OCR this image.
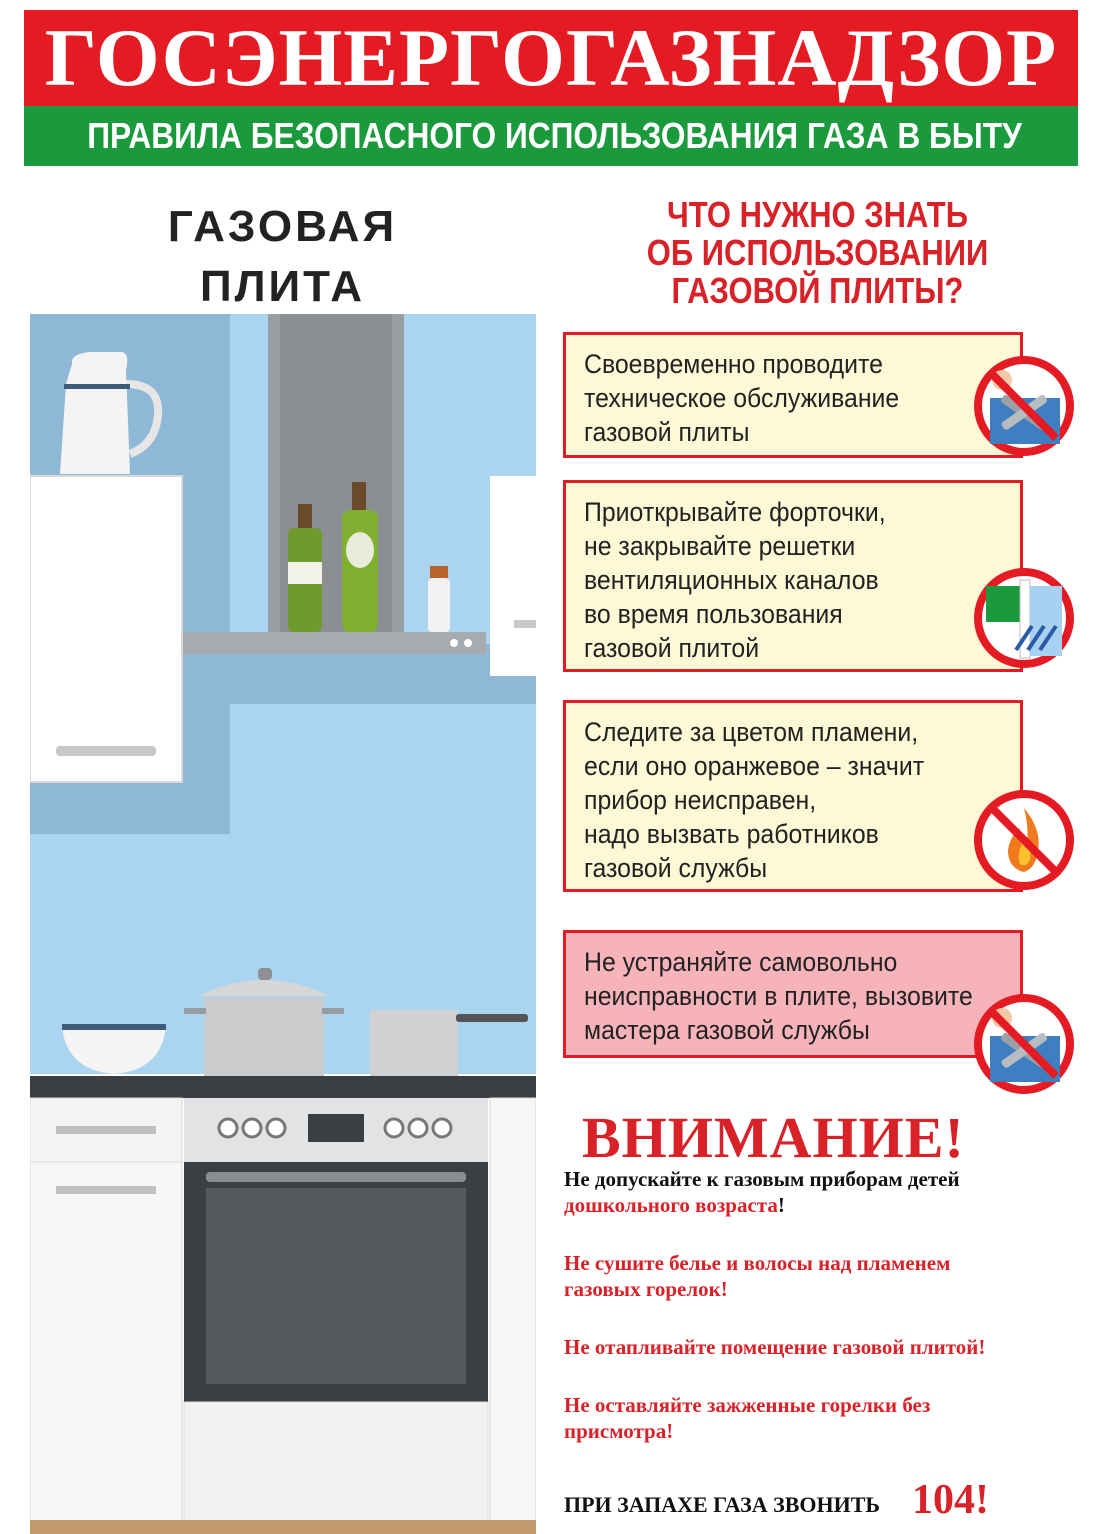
ГОСЭНЕРГОГАЗНАДЗОР
ПРАВИЛА БЕЗОПАСНОГО ИСПОЛЬЗОВАНИЯ ГАЗА В БЫТУ
ГАЗОВАЯ
ПЛИТА
ЧТО НУЖНО ЗНАТЬ
ОБ ИСПОЛЬЗОВАНИИ
ГАЗОВОЙ ПЛИТЫ?
Своевременно проводите
техническое обслуживание
газовой плиты
Приоткрывайте форточки,
не закрывайте решетки
вентиляционных каналов
во время пользования
газовой плитой
Следите за цветом пламени,
если оно оранжевое – значит
прибор неисправен,
надо вызвать работников
газовой службы
Не устраняйте самовольно
неисправности в плите, вызовите
мастера газовой службы
ВНИМАНИЕ!
Не допускайте к газовым приборам детей
дошкольного возраста!
Не сушите белье и волосы над пламенем
газовых горелок!
Не отапливайте помещение газовой плитой!
Не оставляйте зажженные горелки без
присмотра!
ПРИ ЗАПАХЕ ГАЗА ЗВОНИТЬ 104!
